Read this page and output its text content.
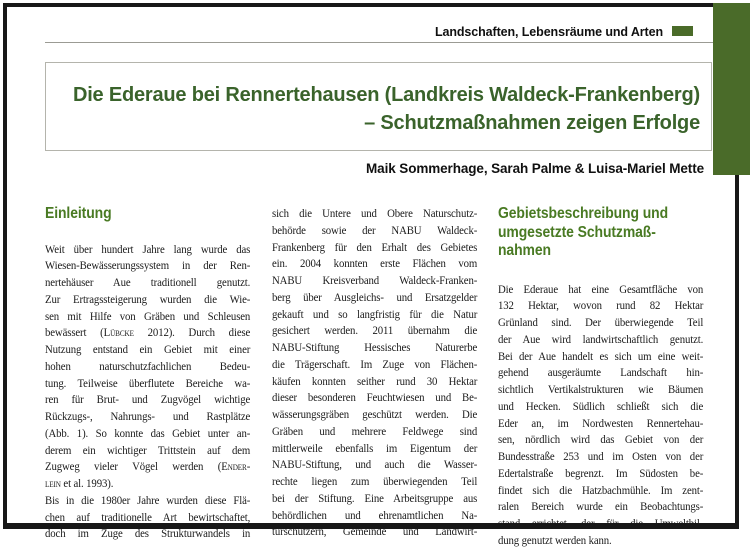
Landschaften, Lebensräume und Arten
Die Ederaue bei Rennertehausen (Landkreis Waldeck-Frankenberg)
– Schutzmaßnahmen zeigen Erfolge
Maik Sommerhage, Sarah Palme & Luisa-Mariel Mette
Einleitung
Weit über hundert Jahre lang wurde das
Wiesen-Bewässerungssystem in der Ren-
nertehäuser Aue traditionell genutzt.
Zur Ertragssteigerung wurden die Wie-
sen mit Hilfe von Gräben und Schleusen
bewässert (Lübcke 2012). Durch diese
Nutzung entstand ein Gebiet mit einer
hohen naturschutzfachlichen Bedeu-
tung. Teilweise überflutete Bereiche wa-
ren für Brut- und Zugvögel wichtige
Rückzugs-, Nahrungs- und Rastplätze
(Abb. 1). So konnte das Gebiet unter an-
derem ein wichtiger Trittstein auf dem
Zugweg vieler Vögel werden (Ender-
lein et al. 1993).
Bis in die 1980er Jahre wurden diese Flä-
chen auf traditionelle Art bewirtschaftet,
doch im Zuge des Strukturwandels in
sich die Untere und Obere Naturschutz-
behörde sowie der NABU Waldeck-
Frankenberg für den Erhalt des Gebietes
ein. 2004 konnten erste Flächen vom
NABU Kreisverband Waldeck-Franken-
berg über Ausgleichs- und Ersatzgelder
gekauft und so langfristig für die Natur
gesichert werden. 2011 übernahm die
NABU-Stiftung Hessisches Naturerbe
die Trägerschaft. Im Zuge von Flächen-
käufen konnten seither rund 30 Hektar
dieser besonderen Feuchtwiesen und Be-
wässerungsgräben geschützt werden. Die
Gräben und mehrere Feldwege sind
mittlerweile ebenfalls im Eigentum der
NABU-Stiftung, und auch die Wasser-
rechte liegen zum überwiegenden Teil
bei der Stiftung. Eine Arbeitsgruppe aus
behördlichen und ehrenamtlichen Na-
turschützern, Gemeinde und Landwirt-
Gebietsbeschreibung und
umgesetzte Schutzmaß-
nahmen
Die Ederaue hat eine Gesamtfläche von
132 Hektar, wovon rund 82 Hektar
Grünland sind. Der überwiegende Teil
der Aue wird landwirtschaftlich genutzt.
Bei der Aue handelt es sich um eine weit-
gehend ausgeräumte Landschaft hin-
sichtlich Vertikalstrukturen wie Bäumen
und Hecken. Südlich schließt sich die
Eder an, im Nordwesten Rennertehau-
sen, nördlich wird das Gebiet von der
Bundesstraße 253 und im Osten von der
Edertalstraße begrenzt. Im Südosten be-
findet sich die Hatzbachmühle. Im zent-
ralen Bereich wurde ein Beobachtungs-
stand errichtet, der für die Umweltbil-
dung genutzt werden kann.
